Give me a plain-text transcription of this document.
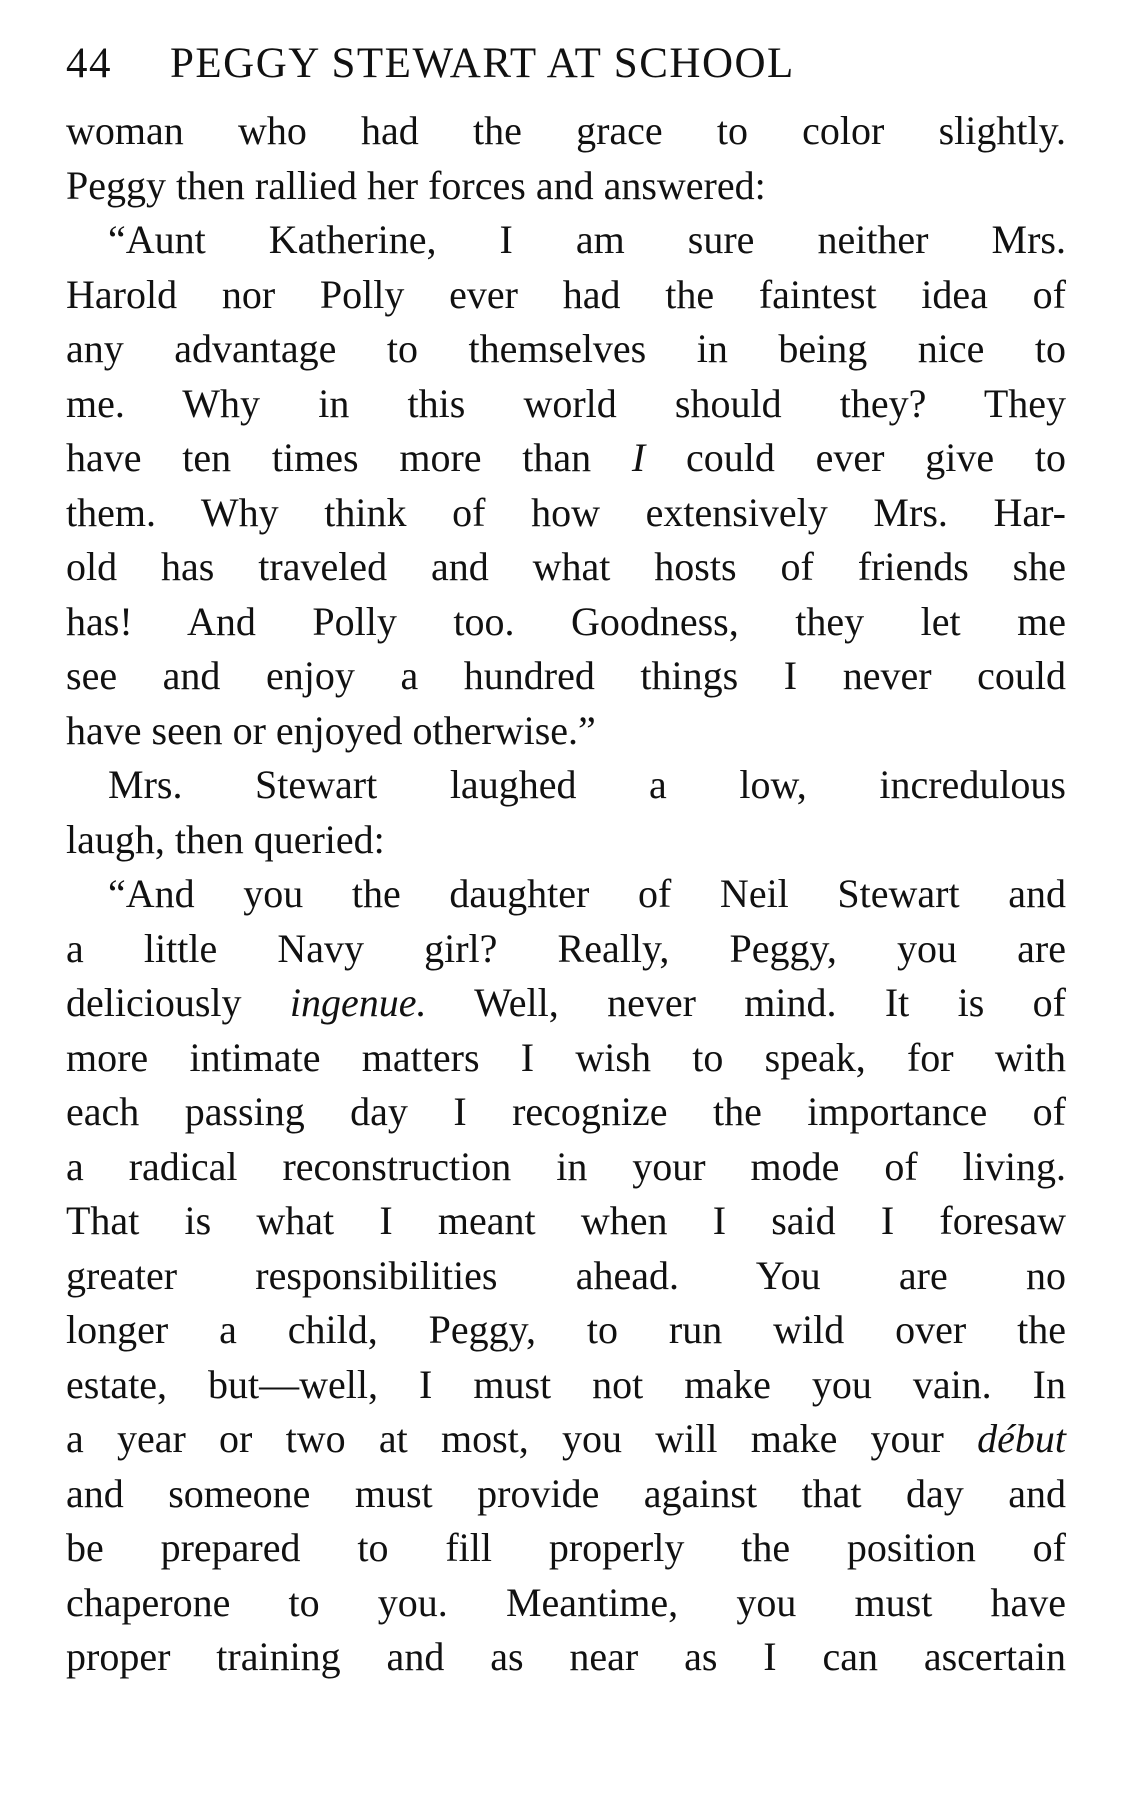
44 PEGGY STEWART AT SCHOOL
woman who had the grace to color slightly.
Peggy then rallied her forces and answered:
“Aunt Katherine, I am sure neither Mrs.
Harold nor Polly ever had the faintest idea of
any advantage to themselves in being nice to
me. Why in this world should they? They
have ten times more than I could ever give to
them. Why think of how extensively Mrs. Har-
old has traveled and what hosts of friends she
has! And Polly too. Goodness, they let me
see and enjoy a hundred things I never could
have seen or enjoyed otherwise.”
Mrs. Stewart laughed a low, incredulous
laugh, then queried:
“And you the daughter of Neil Stewart and
a little Navy girl? Really, Peggy, you are
deliciously ingenue. Well, never mind. It is of
more intimate matters I wish to speak, for with
each passing day I recognize the importance of
a radical reconstruction in your mode of living.
That is what I meant when I said I foresaw
greater responsibilities ahead. You are no
longer a child, Peggy, to run wild over the
estate, but—well, I must not make you vain. In
a year or two at most, you will make your début
and someone must provide against that day and
be prepared to fill properly the position of
chaperone to you. Meantime, you must have
proper training and as near as I can ascertain
